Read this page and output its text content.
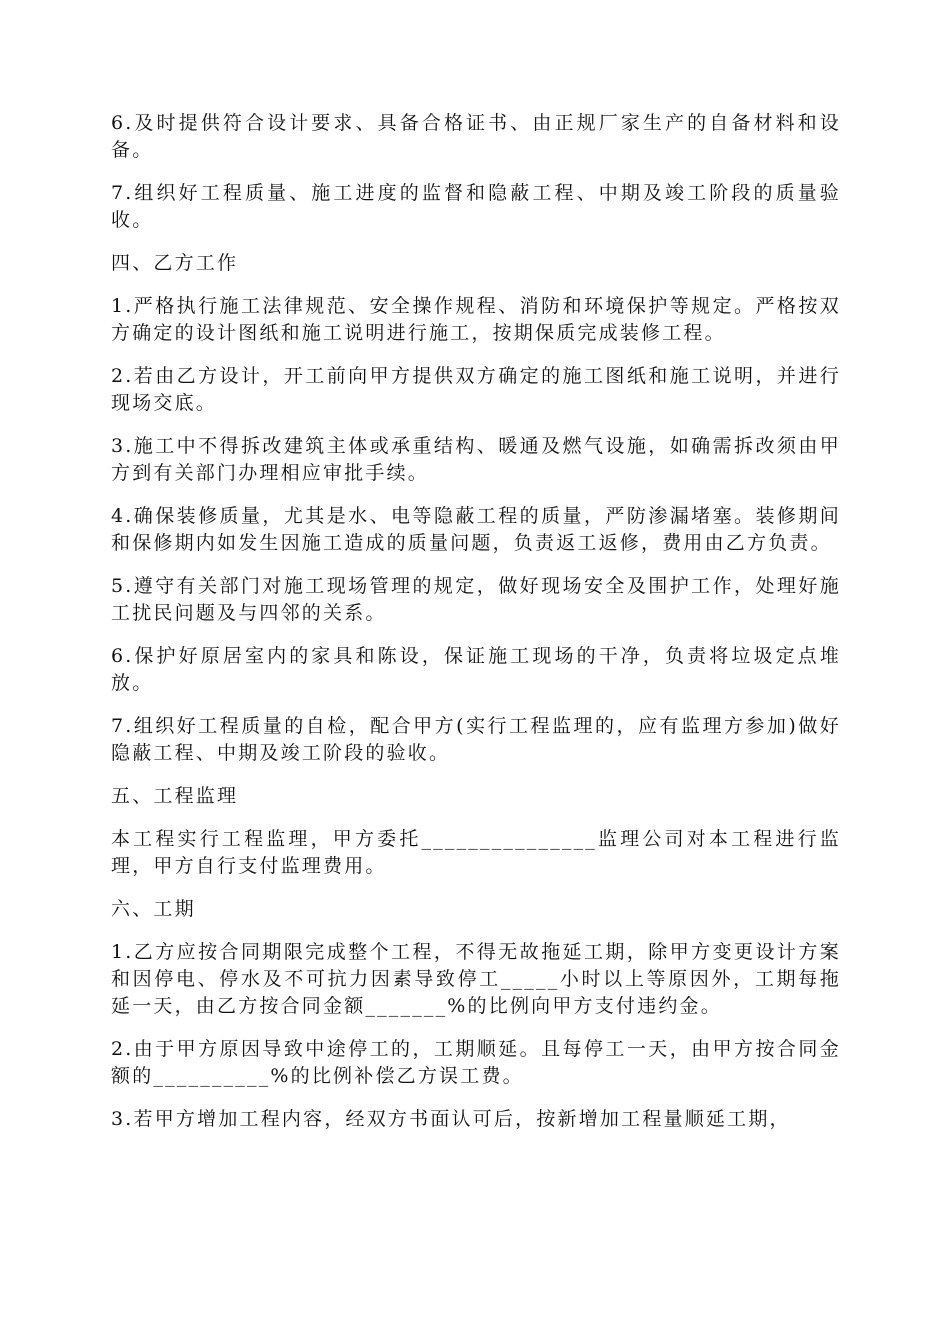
6.及时提供符合设计要求、具备合格证书、由正规厂家生产的自备材料和设备。

7.组织好工程质量、施工进度的监督和隐蔽工程、中期及竣工阶段的质量验收。

四、乙方工作

1.严格执行施工法律规范、安全操作规程、消防和环境保护等规定。严格按双方确定的设计图纸和施工说明进行施工，按期保质完成装修工程。

2.若由乙方设计，开工前向甲方提供双方确定的施工图纸和施工说明，并进行现场交底。

3.施工中不得拆改建筑主体或承重结构、暖通及燃气设施，如确需拆改须由甲方到有关部门办理相应审批手续。

4.确保装修质量，尤其是水、电等隐蔽工程的质量，严防渗漏堵塞。装修期间和保修期内如发生因施工造成的质量问题，负责返工返修，费用由乙方负责。

5.遵守有关部门对施工现场管理的规定，做好现场安全及围护工作，处理好施工扰民问题及与四邻的关系。

6.保护好原居室内的家具和陈设，保证施工现场的干净，负责将垃圾定点堆放。

7.组织好工程质量的自检，配合甲方(实行工程监理的，应有监理方参加)做好隐蔽工程、中期及竣工阶段的验收。

五、工程监理

本工程实行工程监理，甲方委托_______________监理公司对本工程进行监理，甲方自行支付监理费用。

六、工期

1.乙方应按合同期限完成整个工程，不得无故拖延工期，除甲方变更设计方案和因停电、停水及不可抗力因素导致停工_____小时以上等原因外，工期每拖延一天，由乙方按合同金额_______%的比例向甲方支付违约金。

2.由于甲方原因导致中途停工的，工期顺延。且每停工一天，由甲方按合同金额的__________%的比例补偿乙方误工费。

3.若甲方增加工程内容，经双方书面认可后，按新增加工程量顺延工期，
